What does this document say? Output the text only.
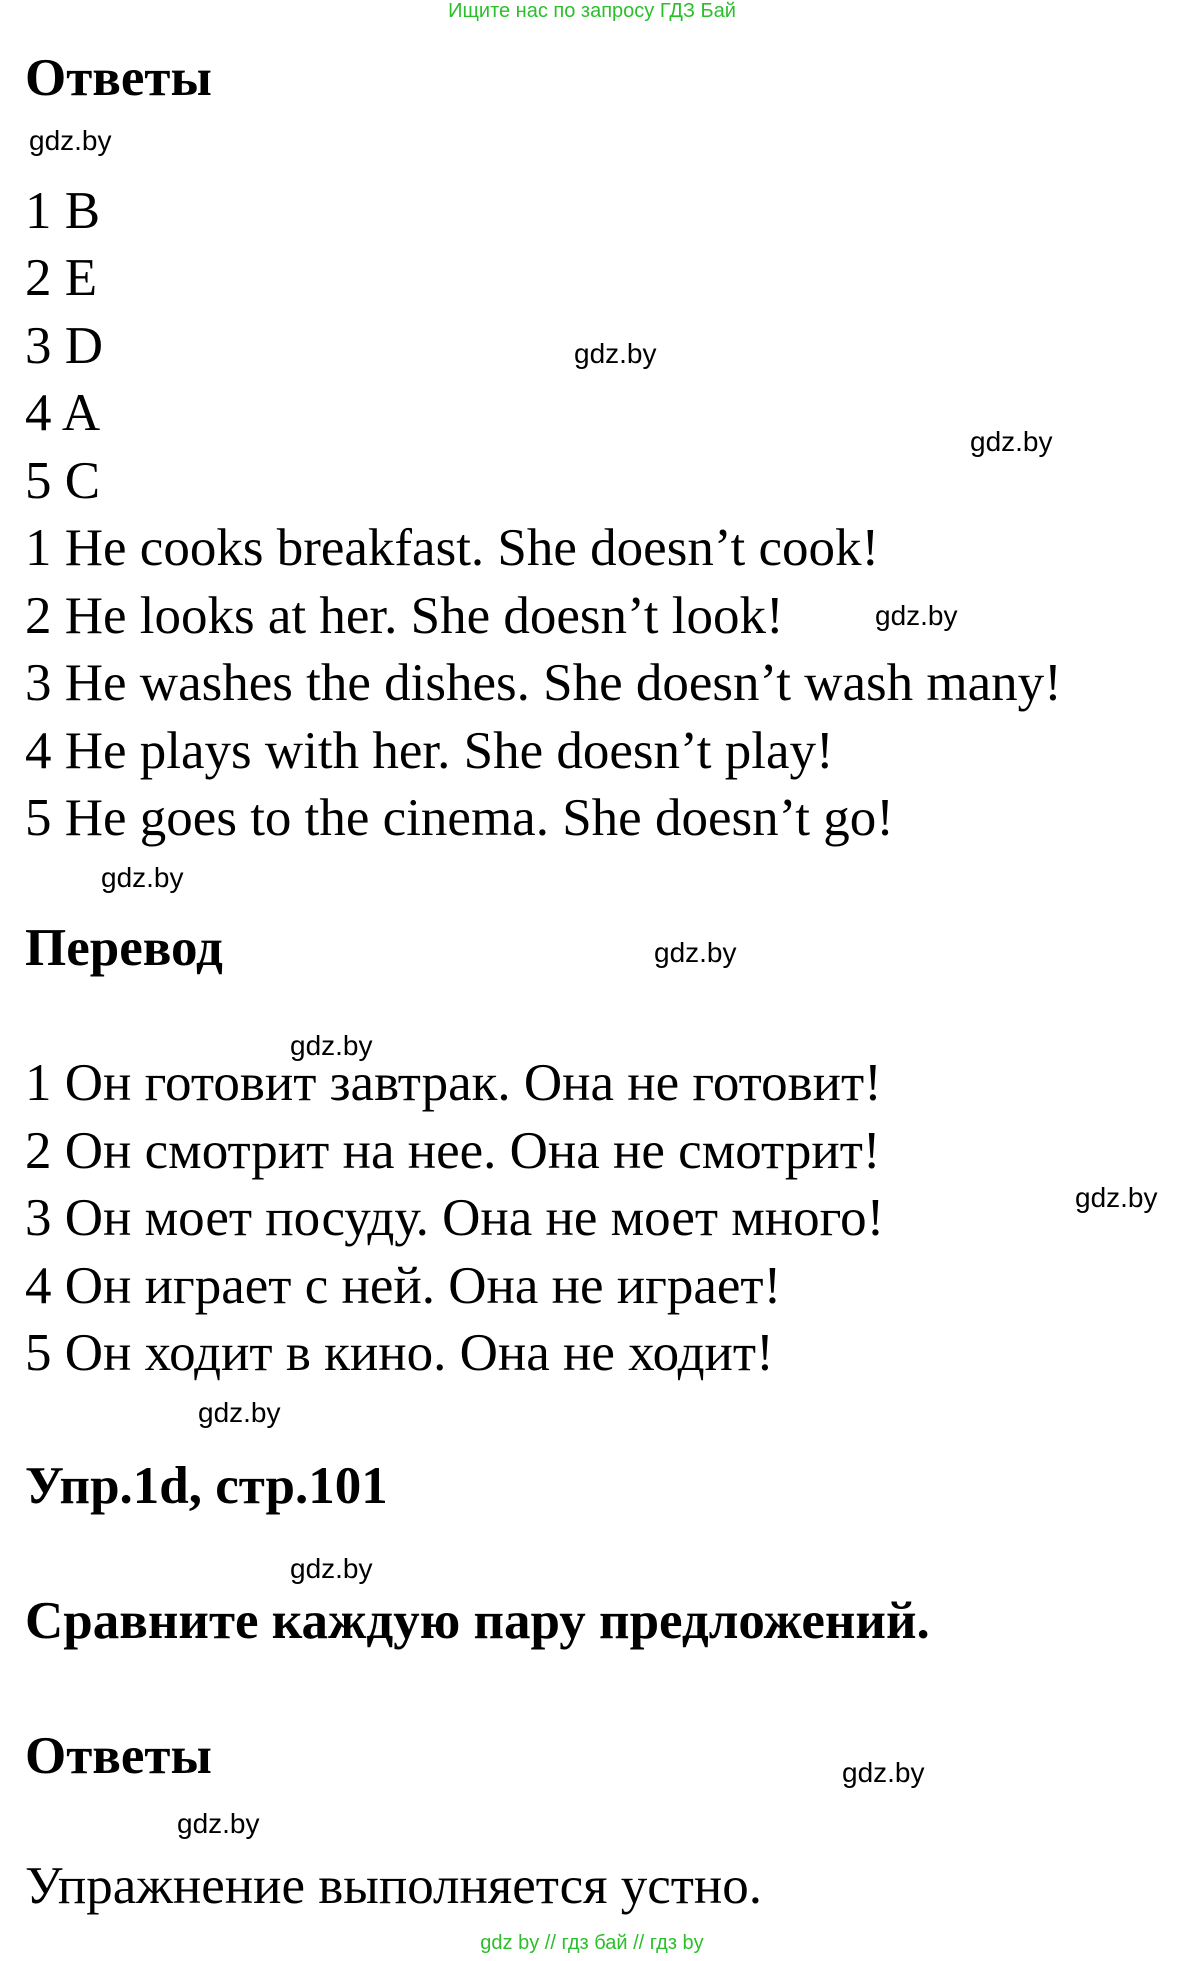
Ищите нас по запросу ГДЗ Бай
Ответы
1 B
2 E
3 D
4 A
5 C
1 He cooks breakfast. She doesn’t cook!
2 He looks at her. She doesn’t look!
3 He washes the dishes. She doesn’t wash many!
4 He plays with her. She doesn’t play!
5 He goes to the cinema. She doesn’t go!
Перевод
1 Он готовит завтрак. Она не готовит!
2 Он смотрит на нее. Она не смотрит!
3 Он моет посуду. Она не моет много!
4 Он играет с ней. Она не играет!
5 Он ходит в кино. Она не ходит!
Упр.1d, стр.101
Сравните каждую пару предложений.
Ответы
Упражнение выполняется устно.
gdz.by
gdz.by
gdz.by
gdz.by
gdz.by
gdz.by
gdz.by
gdz.by
gdz.by
gdz.by
gdz.by
gdz.by
gdz by // гдз бай // гдз by
